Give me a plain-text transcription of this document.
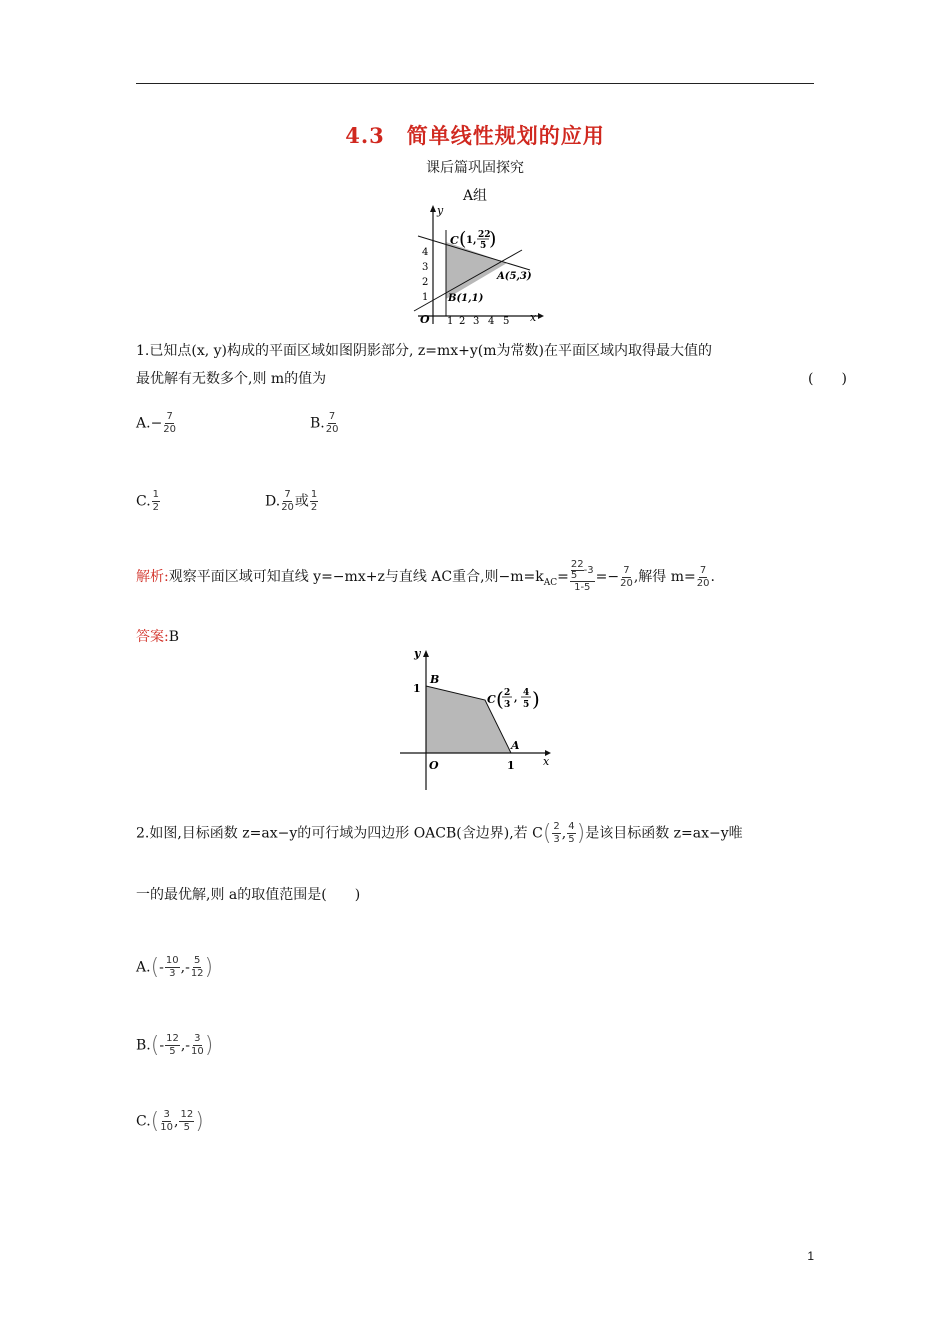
4.3　简单线性规划的应用
课后篇巩固探究
A组
y
x
O
1
2
3
4
1 2 3 4 5
C ( 1, 22
5 )
A(5,3)
B(1,1)
1.已知点(x, y)构成的平面区域如图阴影部分, z=mx+y(m为常数)在平面区域内取得最大值的
最优解有无数多个,则 m的值为	(　　)
$A.- \frac{7}{20}$	B. $\frac{7}{20}$
C. $\frac{1}{2}$	D. $\frac{7}{20}$ 或 $\frac{1}{2}$
解析:观察平面区域可知直线 y=−mx+z与直线 AC重合,则$-m=k_{AC}= 22$
5 -3
$1-5 =- \frac{7}{20}$ ,解得 $m= \frac{7}{20}$ .
答案:B
y
x
O
1
1
B
A
C ( 2
3
, 4
5 )
2.如图,目标函数 z=ax−y的可行域为四边形 OACB(含边界),若 $C( \frac{2}{3}$ , $\frac{4}{5}$ )是该目标函数 z=ax−y唯
一的最优解,则 a的取值范围是(　　)
$A.(- \frac{10}{3}$ ,- $\frac{5}{12}$ )
$B.(- \frac{12}{5}$ ,- $\frac{3}{10}$ )
$C.( \frac{3}{10}$ , $\frac{12}{5}$ )
1
